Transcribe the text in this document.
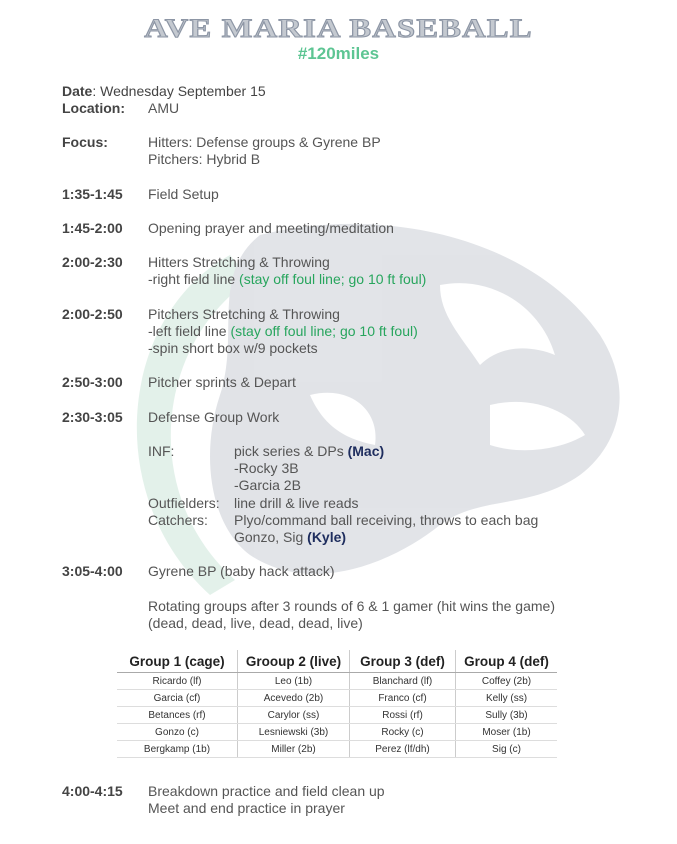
AVE MARIA BASEBALL
#120miles
Date: Wednesday September 15
Location: AMU
Focus:	Hitters: Defense groups & Gyrene BP
Pitchers: Hybrid B
1:35-1:45 Field Setup
1:45-2:00 Opening prayer and meeting/meditation
2:00-2:30 Hitters Stretching & Throwing
-right field line (stay off foul line; go 10 ft foul)
2:00-2:50 Pitchers Stretching & Throwing
-left field line (stay off foul line; go 10 ft foul)
-spin short box w/9 pockets
2:50-3:00 Pitcher sprints & Depart
2:30-3:05 Defense Group Work
INF:	pick series & DPs (Mac)
-Rocky 3B
-Garcia 2B
Outfielders: line drill & live reads
Catchers: Plyo/command ball receiving, throws to each bag
Gonzo, Sig (Kyle)
3:05-4:00 Gyrene BP (baby hack attack)
Rotating groups after 3 rounds of 6 & 1 gamer (hit wins the game)
(dead, dead, live, dead, dead, live)
Group 1 (cage)	Grooup 2 (live)	Group 3 (def)	Group 4 (def)
Ricardo (lf)	Leo (1b)	Blanchard (lf)	Coffey (2b)
Garcia (cf)	Acevedo (2b)	Franco (cf)	Kelly (ss)
Betances (rf)	Carylor (ss)	Rossi (rf)	Sully (3b)
Gonzo (c)	Lesniewski (3b)	Rocky (c)	Moser (1b)
Bergkamp (1b)	Miller (2b)	Perez (lf/dh)	Sig (c)
4:00-4:15 Breakdown practice and field clean up
Meet and end practice in prayer
